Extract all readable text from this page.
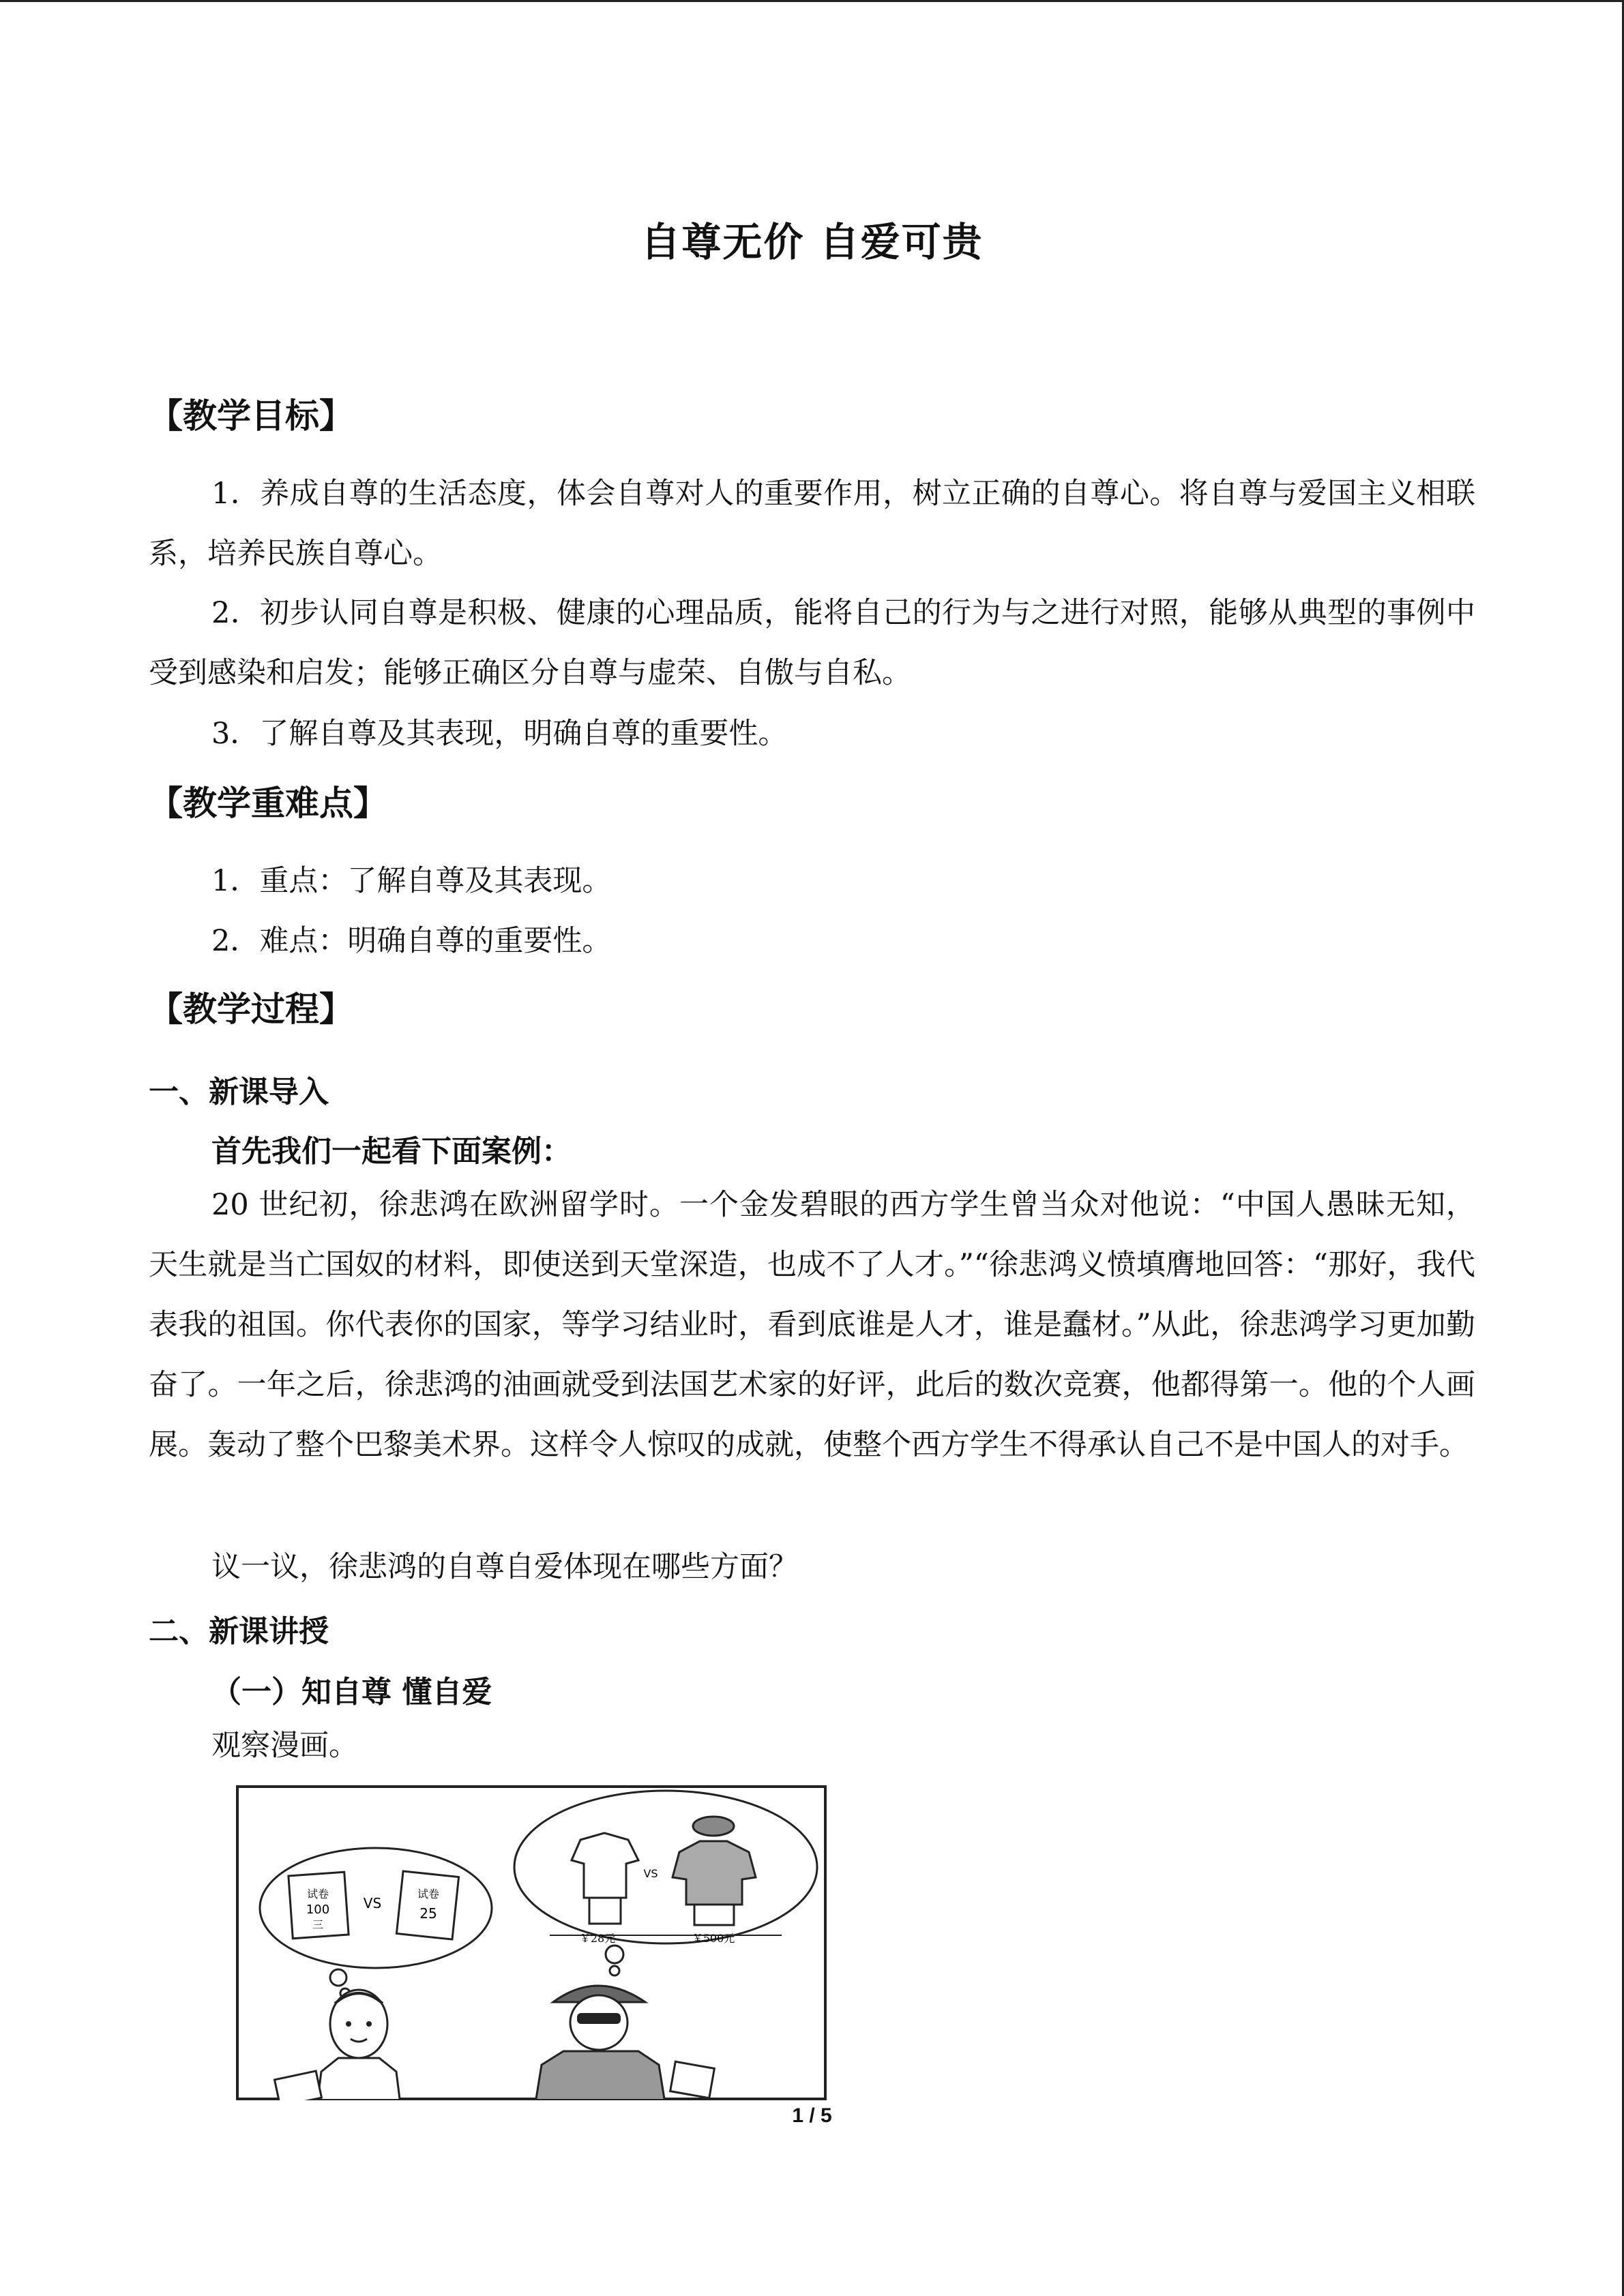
自尊无价 自爱可贵
【教学目标】

1．养成自尊的生活态度，体会自尊对人的重要作用，树立正确的自尊心。将自尊与爱国主义相联系，培养民族自尊心。

2．初步认同自尊是积极、健康的心理品质，能将自己的行为与之进行对照，能够从典型的事例中受到感染和启发；能够正确区分自尊与虚荣、自傲与自私。

3．了解自尊及其表现，明确自尊的重要性。

【教学重难点】

1．重点：了解自尊及其表现。

2．难点：明确自尊的重要性。

【教学过程】
一、新课导入

首先我们一起看下面案例：

20 世纪初，徐悲鸿在欧洲留学时。一个金发碧眼的西方学生曾当众对他说：“中国人愚昧无知，天生就是当亡国奴的材料，即使送到天堂深造，也成不了人才。”“徐悲鸿义愤填膺地回答：“那好，我代表我的祖国。你代表你的国家，等学习结业时，看到底谁是人才，谁是蠢材。”从此，徐悲鸿学习更加勤奋了。一年之后，徐悲鸿的油画就受到法国艺术家的好评，此后的数次竞赛，他都得第一。他的个人画展。轰动了整个巴黎美术界。这样令人惊叹的成就，使整个西方学生不得承认自己不是中国人的对手。

议一议，徐悲鸿的自尊自爱体现在哪些方面？

二、新课讲授

（一）知自尊 懂自爱

观察漫画。

试卷
100
三
VS
试卷
25
VS
￥28元	￥500元
1 / 5
